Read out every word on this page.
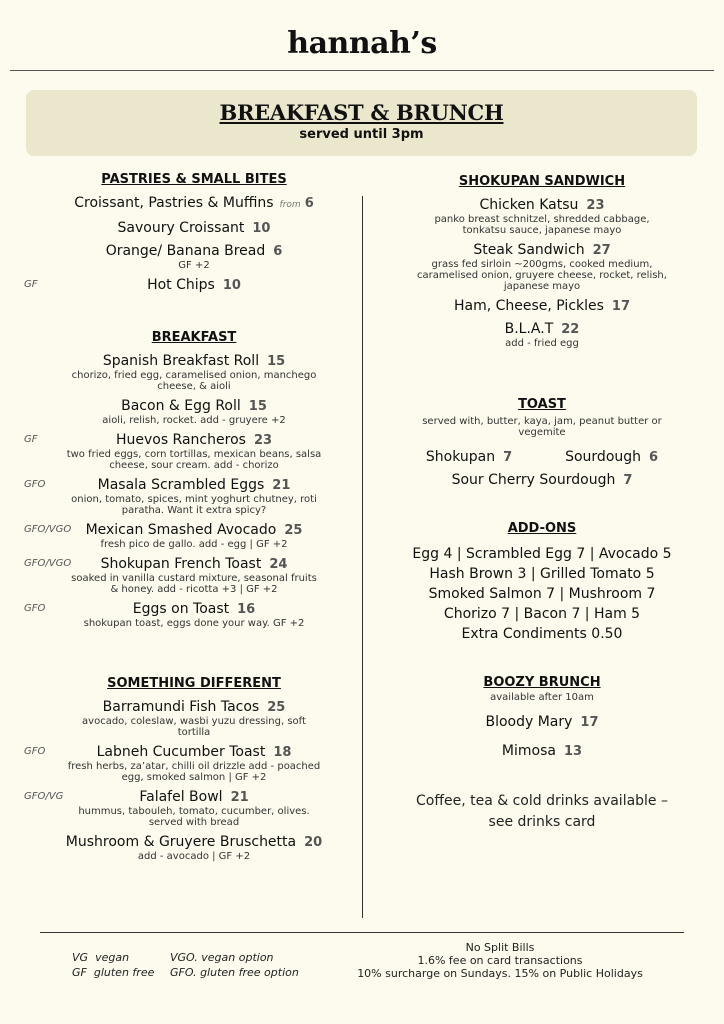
hannah’s
BREAKFAST & BRUNCH
served until 3pm
PASTRIES & SMALL BITES
Croissant, Pastries & Muffins from 6
Savoury Croissant 10
Orange/ Banana Bread 6
GF +2
GF	Hot Chips 10
BREAKFAST
Spanish Breakfast Roll 15
chorizo, fried egg, caramelised onion, manchego cheese, & aioli
Bacon & Egg Roll 15
aioli, relish, rocket. add - gruyere +2
GF	Huevos Rancheros 23
two fried eggs, corn tortillas, mexican beans, salsa cheese, sour cream. add - chorizo
GFO	Masala Scrambled Eggs 21
onion, tomato, spices, mint yoghurt chutney, roti paratha. Want it extra spicy?
GFO/VGO	Mexican Smashed Avocado 25
fresh pico de gallo. add - egg | GF +2
GFO/VGO	Shokupan French Toast 24
soaked in vanilla custard mixture, seasonal fruits & honey. add - ricotta +3 | GF +2
GFO	Eggs on Toast 16
shokupan toast, eggs done your way. GF +2
SOMETHING DIFFERENT
Barramundi Fish Tacos 25
avocado, coleslaw, wasbi yuzu dressing, soft tortilla
GFO	Labneh Cucumber Toast 18
fresh herbs, za’atar, chilli oil drizzle add - poached egg, smoked salmon | GF +2
GFO/VG	Falafel Bowl 21
hummus, tabouleh, tomato, cucumber, olives. served with bread
Mushroom & Gruyere Bruschetta 20
add - avocado | GF +2
SHOKUPAN SANDWICH
Chicken Katsu 23
panko breast schnitzel, shredded cabbage, tonkatsu sauce, japanese mayo
Steak Sandwich 27
grass fed sirloin ~200gms, cooked medium, caramelised onion, gruyere cheese, rocket, relish, japanese mayo
Ham, Cheese, Pickles 17
B.L.A.T 22
add - fried egg
TOAST
served with, butter, kaya, jam, peanut butter or vegemite
Shokupan 7	Sourdough 6
Sour Cherry Sourdough 7
ADD-ONS
Egg 4 | Scrambled Egg 7 | Avocado 5
Hash Brown 3 | Grilled Tomato 5
Smoked Salmon 7 | Mushroom 7
Chorizo 7 | Bacon 7 | Ham 5
Extra Condiments 0.50
BOOZY BRUNCH
available after 10am
Bloody Mary 17
Mimosa 13
Coffee, tea & cold drinks available – see drinks card
VG vegan
GF gluten free
VGO. vegan option
GFO. gluten free option
No Split Bills
1.6% fee on card transactions
10% surcharge on Sundays. 15% on Public Holidays
